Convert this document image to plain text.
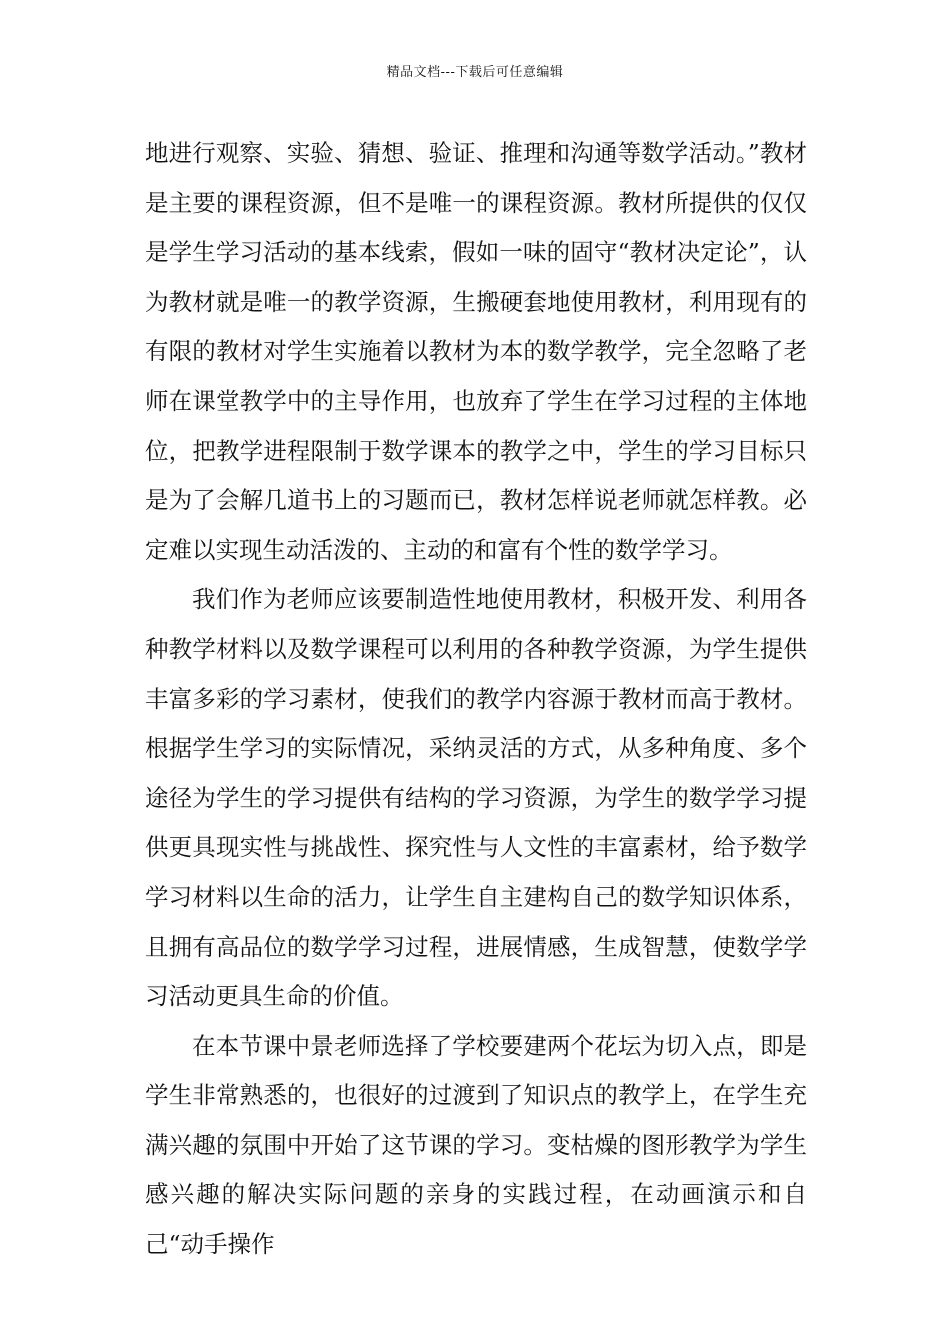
精品文档---下载后可任意编辑

地进行观察、实验、猜想、验证、推理和沟通等数学活动。”教材是主要的课程资源，但不是唯一的课程资源。教材所提供的仅仅是学生学习活动的基本线索，假如一味的固守“教材决定论”，认为教材就是唯一的教学资源，生搬硬套地使用教材，利用现有的有限的教材对学生实施着以教材为本的数学教学，完全忽略了老师在课堂教学中的主导作用，也放弃了学生在学习过程的主体地位，把教学进程限制于数学课本的教学之中，学生的学习目标只是为了会解几道书上的习题而已，教材怎样说老师就怎样教。必定难以实现生动活泼的、主动的和富有个性的数学学习。

我们作为老师应该要制造性地使用教材，积极开发、利用各种教学材料以及数学课程可以利用的各种教学资源，为学生提供丰富多彩的学习素材，使我们的教学内容源于教材而高于教材。根据学生学习的实际情况，采纳灵活的方式，从多种角度、多个途径为学生的学习提供有结构的学习资源，为学生的数学学习提供更具现实性与挑战性、探究性与人文性的丰富素材，给予数学学习材料以生命的活力，让学生自主建构自己的数学知识体系，且拥有高品位的数学学习过程，进展情感，生成智慧，使数学学习活动更具生命的价值。

在本节课中景老师选择了学校要建两个花坛为切入点，即是学生非常熟悉的，也很好的过渡到了知识点的教学上，在学生充满兴趣的氛围中开始了这节课的学习。变枯燥的图形教学为学生感兴趣的解决实际问题的亲身的实践过程，在动画演示和自己“动手操作
